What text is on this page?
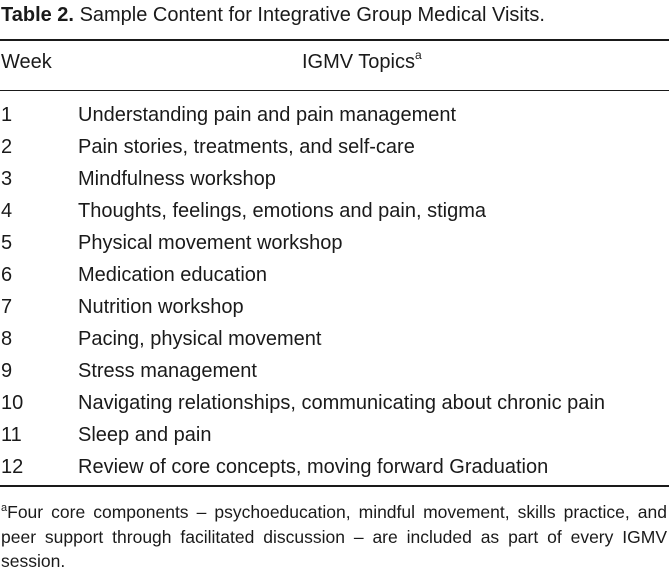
Table 2. Sample Content for Integrative Group Medical Visits.
Week	IGMV Topics$^a$
1	Understanding pain and pain management
2	Pain stories, treatments, and self-care
3	Mindfulness workshop
4	Thoughts, feelings, emotions and pain, stigma
5	Physical movement workshop
6	Medication education
7	Nutrition workshop
8	Pacing, physical movement
9	Stress management
10	Navigating relationships, communicating about chronic pain
11	Sleep and pain
12	Review of core concepts, moving forward Graduation
$^a$Four core components – psychoeducation, mindful movement, skills practice, and peer support through facilitated discussion – are included as part of every IGMV session.
